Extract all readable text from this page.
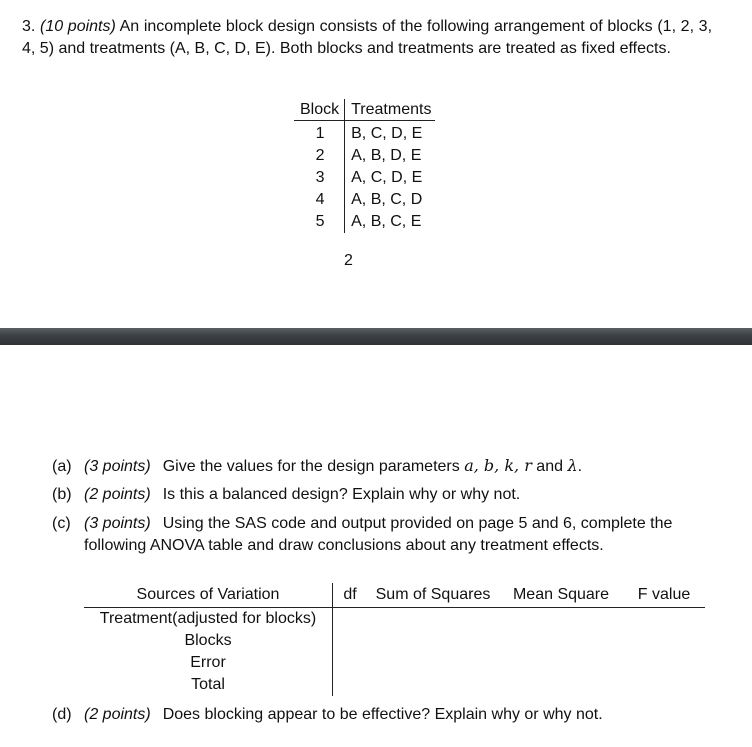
3. (10 points) An incomplete block design consists of the following arrangement of blocks (1, 2, 3, 4, 5) and treatments (A, B, C, D, E). Both blocks and treatments are treated as fixed effects.
Block	Treatments
1	B, C, D, E
2	A, B, D, E
3	A, C, D, E
4	A, B, C, D
5	A, B, C, E
2
(a) (3 points) Give the values for the design parameters a, b, k, r and λ.
(b) (2 points) Is this a balanced design? Explain why or why not.
(c) (3 points) Using the SAS code and output provided on page 5 and 6, complete the
following ANOVA table and draw conclusions about any treatment effects.
Sources of Variation	df	Sum of Squares	Mean Square	F value
Treatment(adjusted for blocks)				
Blocks				
Error				
Total				
(d) (2 points) Does blocking appear to be effective? Explain why or why not.
